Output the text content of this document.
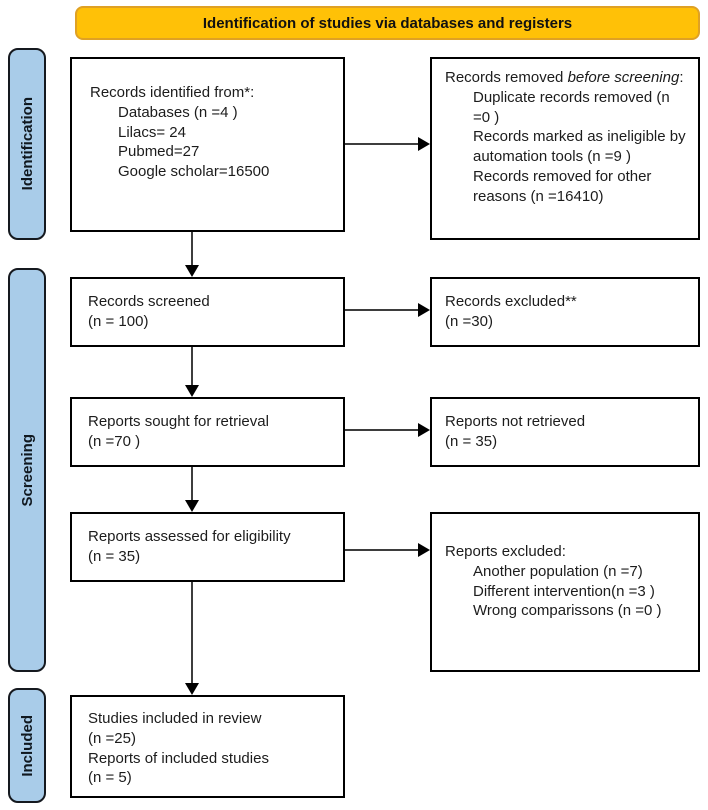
Identification of studies via databases and registers
Identification
Screening
Included
Records identified from*:
Databases (n =4 )
Lilacs= 24
Pubmed=27
Google scholar=16500
Records removed before screening:
Duplicate records removed (n =0 )
Records marked as ineligible by automation tools (n =9 )
Records removed for other reasons (n =16410)
Records screened
(n = 100)
Records excluded**
(n =30)
Reports sought for retrieval
(n =70 )
Reports not retrieved
(n = 35)
Reports assessed for eligibility
(n = 35)	Reports excluded:
Another population (n =7)
Different intervention(n =3 )
Wrong comparissons (n =0 )
Studies included in review
(n =25)
Reports of included studies
(n = 5)
